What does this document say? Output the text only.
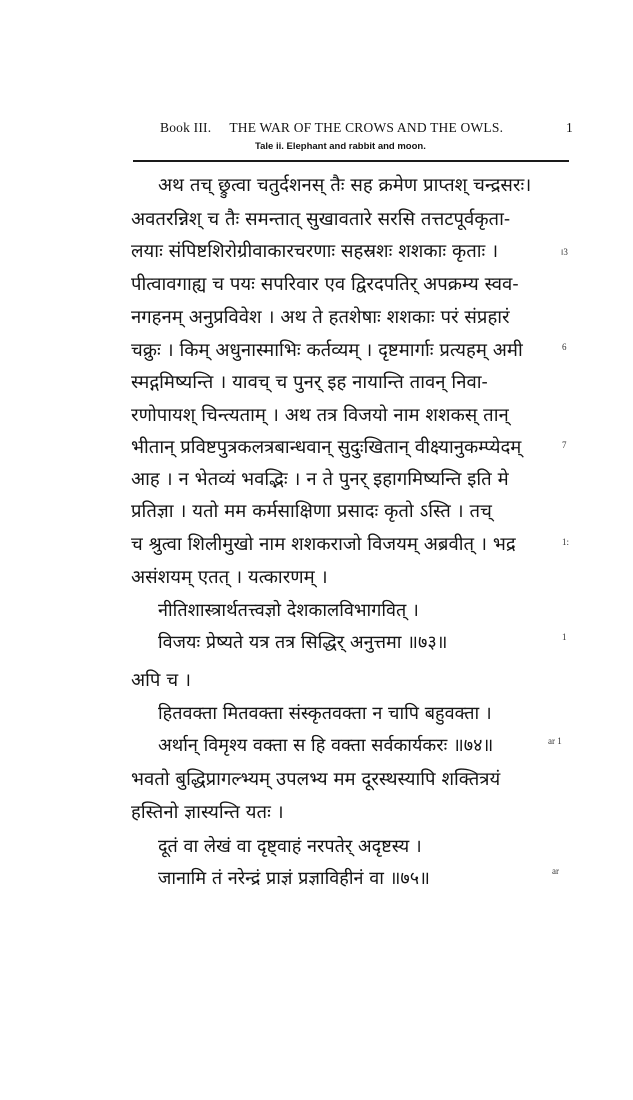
Book III. THE WAR OF THE CROWS AND THE OWLS.	1
Tale ii. Elephant and rabbit and moon.
अथ तच् छ्रुत्वा चतुर्दशनस् तैः सह क्रमेण प्राप्तश् चन्द्रसरः।
अवतरन्निश् च तैः समन्तात् सुखावतारे सरसि तत्तटपूर्वकृता-
लयाः संपिष्टशिरोग्रीवाकारचरणाः सहस्रशः शशकाः कृताः ।
पीत्वावगाह्य च पयः सपरिवार एव द्विरदपतिर् अपक्रम्य स्वव-
नगहनम् अनुप्रविवेश । अथ ते हतशेषाः शशकाः परं संप्रहारं
चक्रुः । किम् अधुनास्माभिः कर्तव्यम् । दृष्टमार्गाः प्रत्यहम् अमी
स्मद्गमिष्यन्ति । यावच् च पुनर् इह नायान्ति तावन् निवा-
रणोपायश् चिन्त्यताम् । अथ तत्र विजयो नाम शशकस् तान्
भीतान् प्रविष्टपुत्रकलत्रबान्धवान् सुदुःखितान् वीक्ष्यानुकम्प्येदम्
आह । न भेतव्यं भवद्भिः । न ते पुनर् इहागमिष्यन्ति इति मे
प्रतिज्ञा । यतो मम कर्मसाक्षिणा प्रसादः कृतो ऽस्ति । तच्
च श्रुत्वा शिलीमुखो नाम शशकराजो विजयम् अब्रवीत् । भद्र
असंशयम् एतत् । यत्कारणम् ।
नीतिशास्त्रार्थतत्त्वज्ञो देशकालविभागवित् ।
विजयः प्रेष्यते यत्र तत्र सिद्धिर् अनुत्तमा ॥७३॥
अपि च ।
हितवक्ता मितवक्ता संस्कृतवक्ता न चापि बहुवक्ता ।
अर्थान् विमृश्य वक्ता स हि वक्ता सर्वकार्यकरः ॥७४॥
भवतो बुद्धिप्रागल्भ्यम् उपलभ्य मम दूरस्थस्यापि शक्तित्रयं
हस्तिनो ज्ञास्यन्ति यतः ।
दूतं वा लेखं वा दृष्ट्वाहं नरपतेर् अदृष्टस्य ।
जानामि तं नरेन्द्रं प्राज्ञं प्रज्ञाविहीनं वा ॥७५॥
।3
6
7
1:
1
ar 1
ar
